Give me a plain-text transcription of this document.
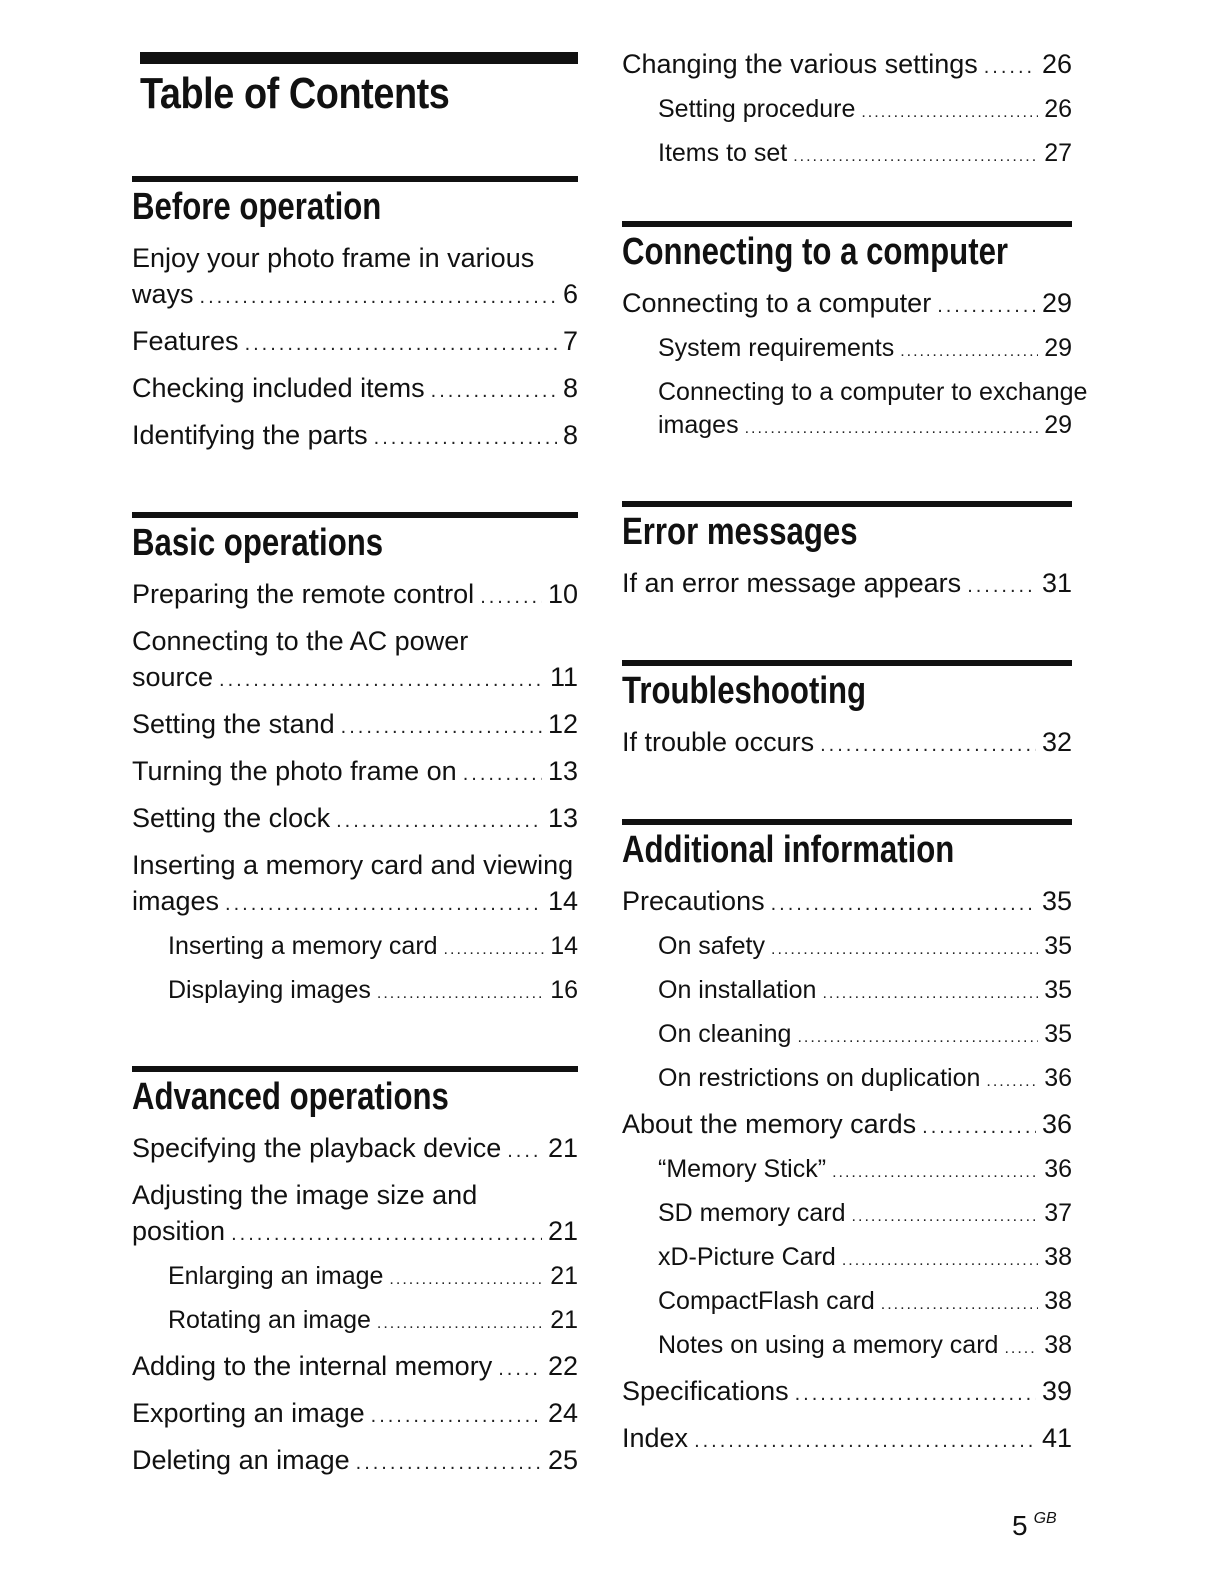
Table of Contents
Before operation
Enjoy your photo frame in various
ways .....	6
Features .....	7
Checking included items .....	8
Identifying the parts .....	8
Basic operations
Preparing the remote control .....	10
Connecting to the AC power
source .....	11
Setting the stand .....	12
Turning the photo frame on .....	13
Setting the clock .....	13
Inserting a memory card and viewing
images .....	14
Inserting a memory card .....	14
Displaying images .....	16
Advanced operations
Specifying the playback device ..... 21
Adjusting the image size and
position .....	21
Enlarging an image .....	21
Rotating an image .....	21
Adding to the internal memory ..... 22
Exporting an image .....	24
Deleting an image .....	25
Changing the various settings ..... 26
Setting procedure .....	26
Items to set .....	27
Connecting to a computer
Connecting to a computer .....	29
System requirements .....	29
Connecting to a computer to exchange
images .....	29
Error messages
If an error message appears .....	31
Troubleshooting
If trouble occurs .....	32
Additional information
Precautions .....	35
On safety .....	35
On installation .....	35
On cleaning .....	35
On restrictions on duplication .....	36
About the memory cards .....	36
“Memory Stick” .....	36
SD memory card .....	37
xD-Picture Card .....	38
CompactFlash card .....	38
Notes on using a memory card ..... 38
Specifications .....	39
Index .....	41
5 $^{GB}$
